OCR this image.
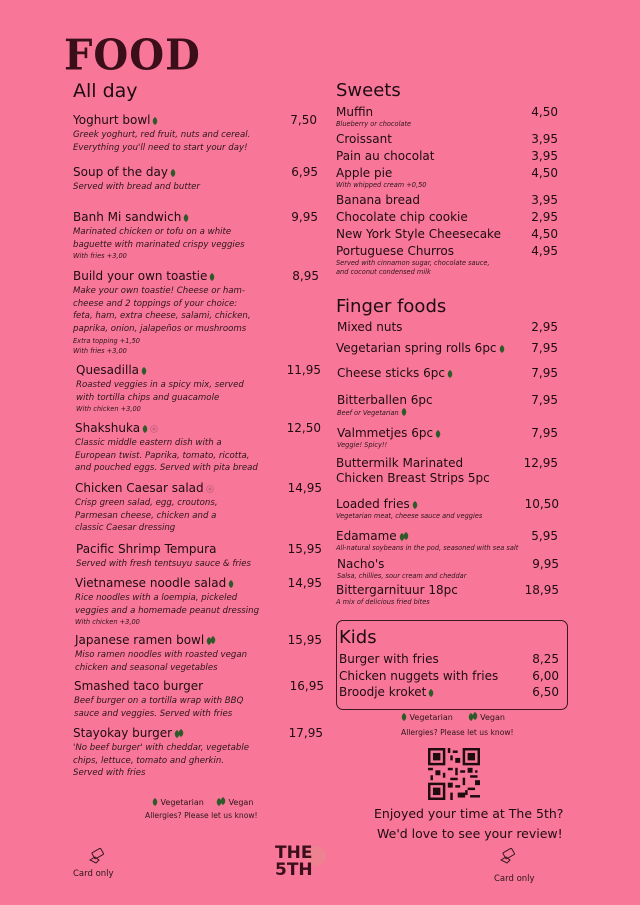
FOOD
All day
Yoghurt bowl	7,50
Greek yoghurt, red fruit, nuts and cereal.
Everything you'll need to start your day!
Soup of the day	6,95
Served with bread and butter
Banh Mi sandwich	9,95
Marinated chicken or tofu on a white
baguette with marinated crispy veggies
With fries +3,00
Build your own toastie	8,95
Make your own toastie! Cheese or ham-
cheese and 2 toppings of your choice:
feta, ham, extra cheese, salami, chicken,
paprika, onion, jalapeños or mushrooms
Extra topping +1,50
With fries +3,00
Quesadilla	11,95
Roasted veggies in a spicy mix, served
with tortilla chips and guacamole
With chicken +3,00
Shakshuka	12,50
Classic middle eastern dish with a
European twist. Paprika, tomato, ricotta,
and pouched eggs. Served with pita bread
Chicken Caesar salad	14,95
Crisp green salad, egg, croutons,
Parmesan cheese, chicken and a
classic Caesar dressing
Pacific Shrimp Tempura	15,95
Served with fresh tentsuyu sauce & fries
Vietnamese noodle salad	14,95
Rice noodles with a loempia, pickeled
veggies and a homemade peanut dressing
With chicken +3,00
Japanese ramen bowl	15,95
Miso ramen noodles with roasted vegan
chicken and seasonal vegetables
Smashed taco burger	16,95
Beef burger on a tortilla wrap with BBQ
sauce and veggies. Served with fries
Stayokay burger	17,95
'No beef burger' with cheddar, vegetable
chips, lettuce, tomato and gherkin.
Served with fries
Sweets
Muffin	4,50
Blueberry or chocolate
Croissant	3,95
Pain au chocolat	3,95
Apple pie	4,50
With whipped cream +0,50
Banana bread	3,95
Chocolate chip cookie	2,95
New York Style Cheesecake	4,50
Portuguese Churros	4,95
Served with cinnamon sugar, chocolate sauce,
and coconut condensed milk
Finger foods
Mixed nuts	2,95
Vegetarian spring rolls 6pc	7,95
Cheese sticks 6pc	7,95
Bitterballen 6pc	7,95
Beef or Vegetarian
Valmmetjes 6pc	7,95
Veggie! Spicy!!
Buttermilk Marinated
Chicken Breast Strips 5pc
12,95
Loaded fries	10,50
Vegetarian meat, cheese sauce and veggies
Edamame	5,95
All-natural soybeans in the pod, seasoned with sea salt
Nacho's	9,95
Salsa, chillies, sour cream and cheddar
Bittergarnituur 18pc	18,95
A mix of delicious fried bites
Kids
Burger with fries	8,25
Chicken nuggets with fries	6,00
Broodje kroket	6,50
Vegetarian	Vegan
Allergies? Please let us know!
Enjoyed your time at The 5th?
We'd love to see your review!
Vegetarian	Vegan
Allergies? Please let us know!
Card only	Card only
THE
5TH
